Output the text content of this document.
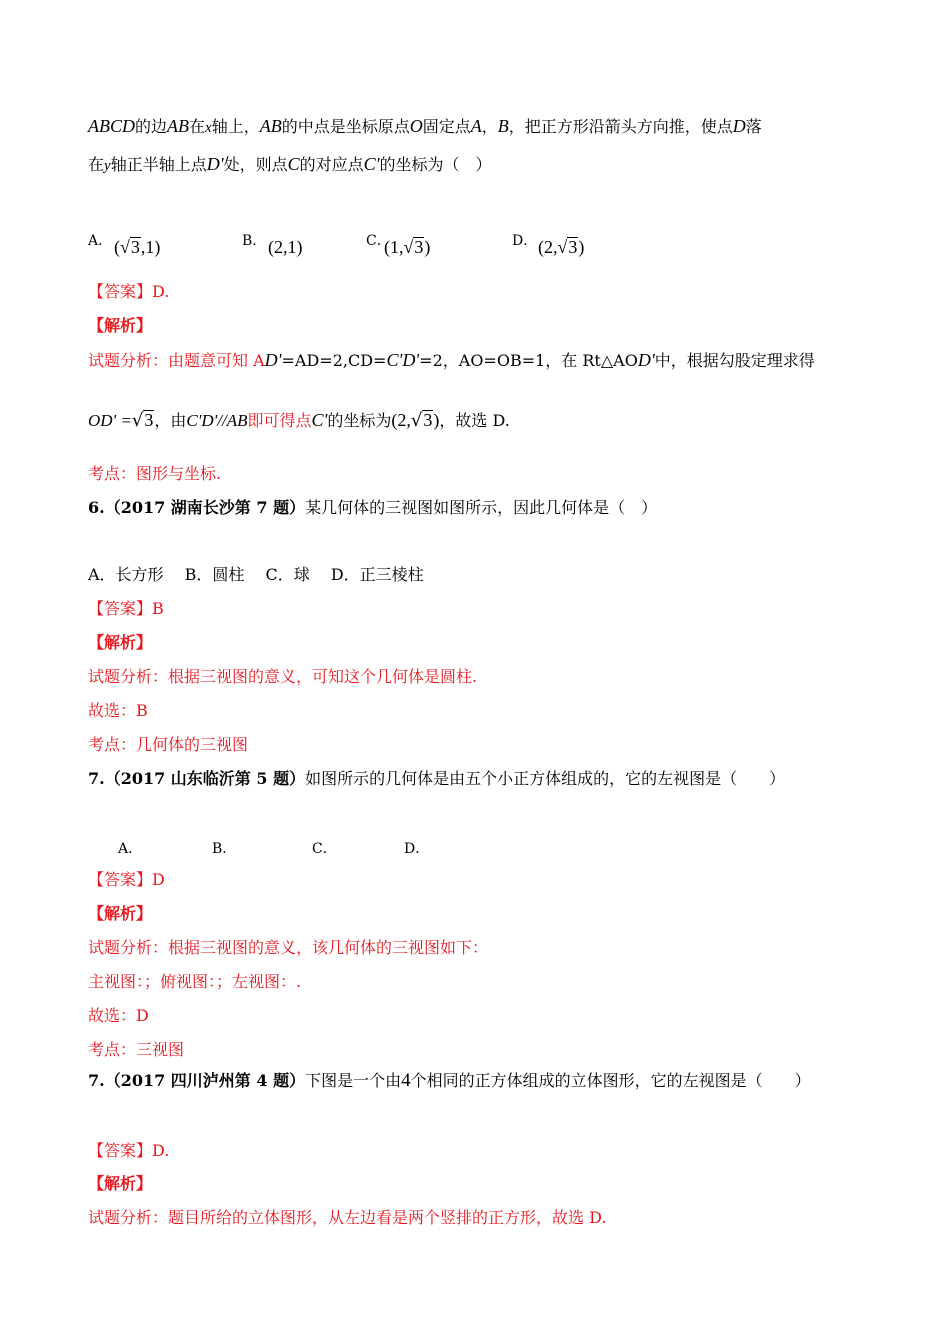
ABCD的边AB在x轴上，AB的中点是坐标原点O固定点A，B，把正方形沿箭头方向推，使点D落
在y轴正半轴上点D'处，则点C的对应点C'的坐标为（　）
A． (√3,1)	B． (2,1)	C．
(1,√3)	D． (2,√3)
【答案】D.
【解析】
试题分析：由题意可知 AD'=AD=2,CD=C'D'=2，AO=OB=1，在 Rt△AOD'中，根据勾股定理求得
OD' =√3，由C'D'//AB即可得点C'的坐标为(2,√3)，故选 D.
考点：图形与坐标.
6.（2017 湖南长沙第 7 题）某几何体的三视图如图所示，因此几何体是（　）
A．长方形　 B．圆柱　 C．球　 D．正三棱柱
【答案】B
【解析】
试题分析：根据三视图的意义，可知这个几何体是圆柱.
故选：B
考点：几何体的三视图
7.（2017 山东临沂第 5 题）如图所示的几何体是由五个小正方体组成的，它的左视图是（　　）
A．	B．	C．	D．
【答案】D
【解析】
试题分析：根据三视图的意义，该几何体的三视图如下：
主视图：；俯视图：；左视图：.
故选：D
考点：三视图
7.（2017 四川泸州第 4 题）下图是一个由4个相同的正方体组成的立体图形，它的左视图是（　　）
【答案】D.
【解析】
试题分析：题目所给的立体图形，从左边看是两个竖排的正方形，故选 D.
